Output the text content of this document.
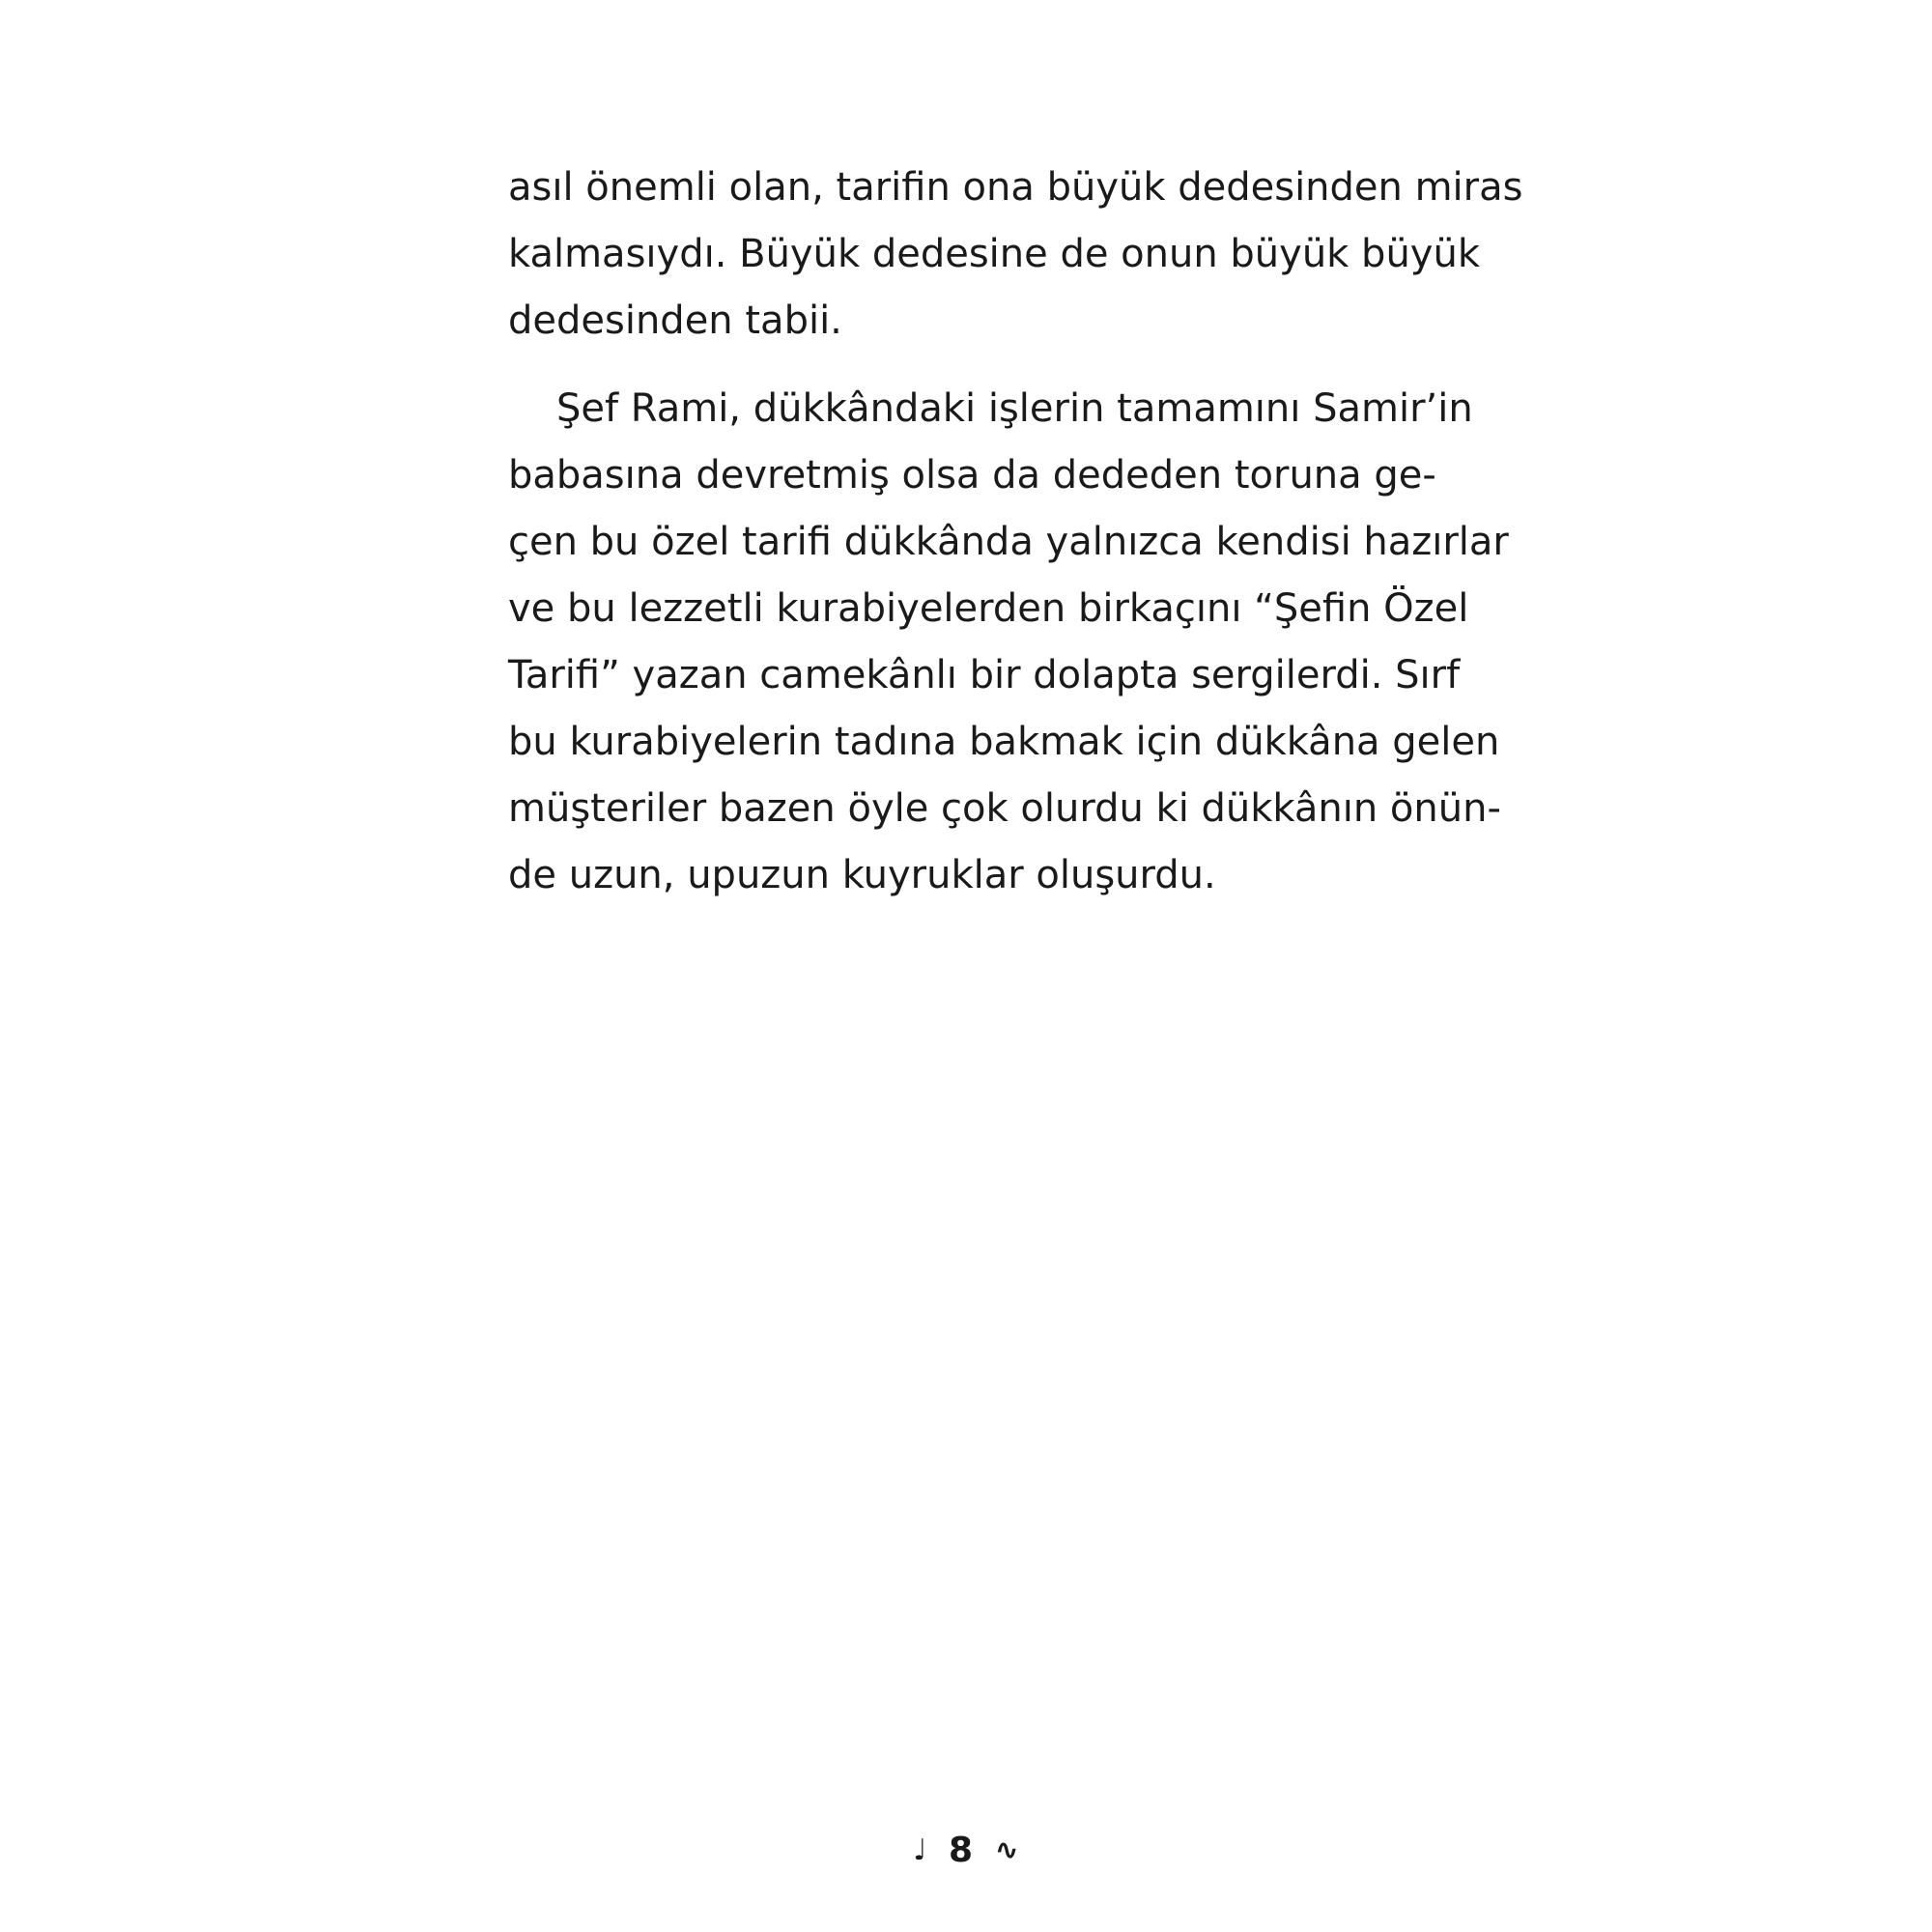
asıl önemli olan, tarifin ona büyük dedesinden miras
kalmasıydı. Büyük dedesine de onun büyük büyük
dedesinden tabii.
Şef Rami, dükkândaki işlerin tamamını Samir’in
babasına devretmiş olsa da dededen toruna ge-
çen bu özel tarifi dükkânda yalnızca kendisi hazırlar
ve bu lezzetli kurabiyelerden birkaçını “Şefin Özel
Tarifi” yazan camekânlı bir dolapta sergilerdi. Sırf
bu kurabiyelerin tadına bakmak için dükkâna gelen
müşteriler bazen öyle çok olurdu ki dükkânın önün-
de uzun, upuzun kuyruklar oluşurdu.
♩ 8 ∿
